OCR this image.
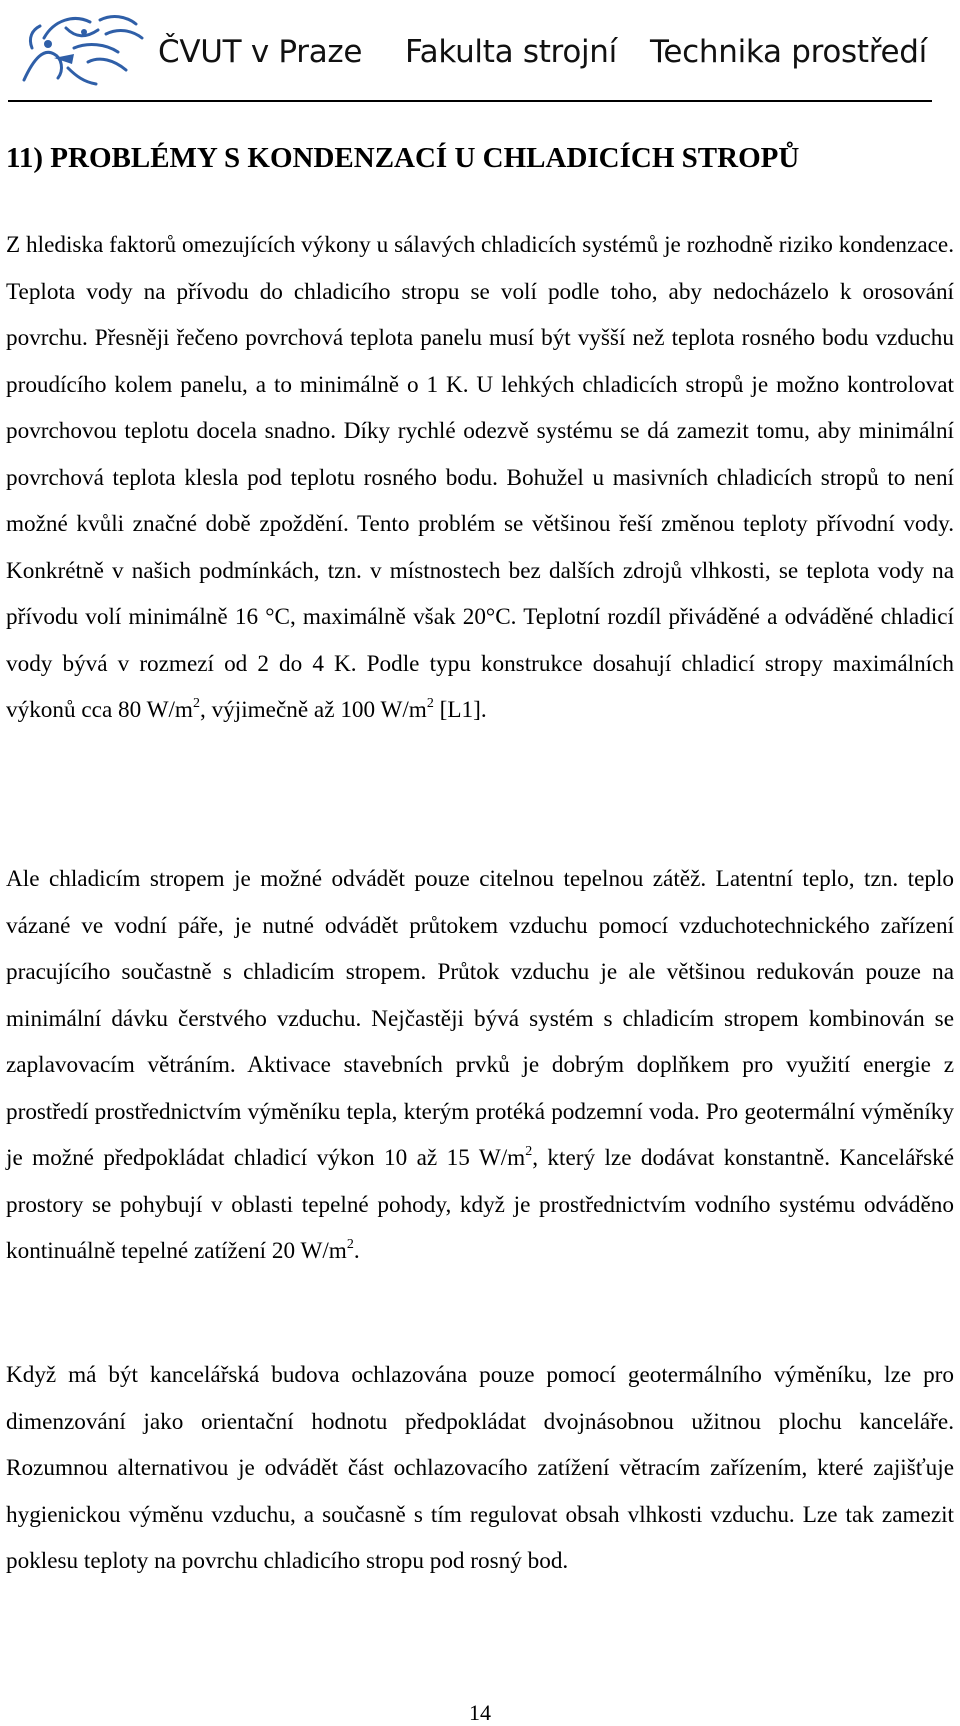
ČVUT v Praze Fakulta strojní Technika prostředí
11) PROBLÉMY S KONDENZACÍ U CHLADICÍCH STROPŮ

Z hlediska faktorů omezujících výkony u sálavých chladicích systémů je rozhodně riziko kondenzace. Teplota vody na přívodu do chladicího stropu se volí podle toho, aby nedocházelo k orosování povrchu. Přesněji řečeno povrchová teplota panelu musí být vyšší než teplota rosného bodu vzduchu proudícího kolem panelu, a to minimálně o 1 K. U lehkých chladicích stropů je možno kontrolovat povrchovou teplotu docela snadno. Díky rychlé odezvě systému se dá zamezit tomu, aby minimální povrchová teplota klesla pod teplotu rosného bodu. Bohužel u masivních chladicích stropů to není možné kvůli značné době zpoždění. Tento problém se většinou řeší změnou teploty přívodní vody. Konkrétně v našich podmínkách, tzn. v místnostech bez dalších zdrojů vlhkosti, se teplota vody na přívodu volí minimálně 16 °C, maximálně však 20°C. Teplotní rozdíl přiváděné a odváděné chladicí vody bývá v rozmezí od 2 do 4 K. Podle typu konstrukce dosahují chladicí stropy maximálních výkonů cca 80 $W/m^2$, výjimečně až 100 $W/m^2$ [L1].

Ale chladicím stropem je možné odvádět pouze citelnou tepelnou zátěž. Latentní teplo, tzn. teplo vázané ve vodní páře, je nutné odvádět průtokem vzduchu pomocí vzduchotechnického zařízení pracujícího součastně s chladicím stropem. Průtok vzduchu je ale většinou redukován pouze na minimální dávku čerstvého vzduchu. Nejčastěji bývá systém s chladicím stropem kombinován se zaplavovacím větráním. Aktivace stavebních prvků je dobrým doplňkem pro využití energie z prostředí prostřednictvím výměníku tepla, kterým protéká podzemní voda. Pro geotermální výměníky je možné předpokládat chladicí výkon 10 až 15 $W/m^2$, který lze dodávat konstantně. Kancelářské prostory se pohybují v oblasti tepelné pohody, když je prostřednictvím vodního systému odváděno kontinuálně tepelné zatížení 20 $W/m^2$.

Když má být kancelářská budova ochlazována pouze pomocí geotermálního výměníku, lze pro dimenzování jako orientační hodnotu předpokládat dvojnásobnou užitnou plochu kanceláře. Rozumnou alternativou je odvádět část ochlazovacího zatížení větracím zařízením, které zajišťuje hygienickou výměnu vzduchu, a současně s tím regulovat obsah vlhkosti vzduchu. Lze tak zamezit poklesu teploty na povrchu chladicího stropu pod rosný bod.

14
